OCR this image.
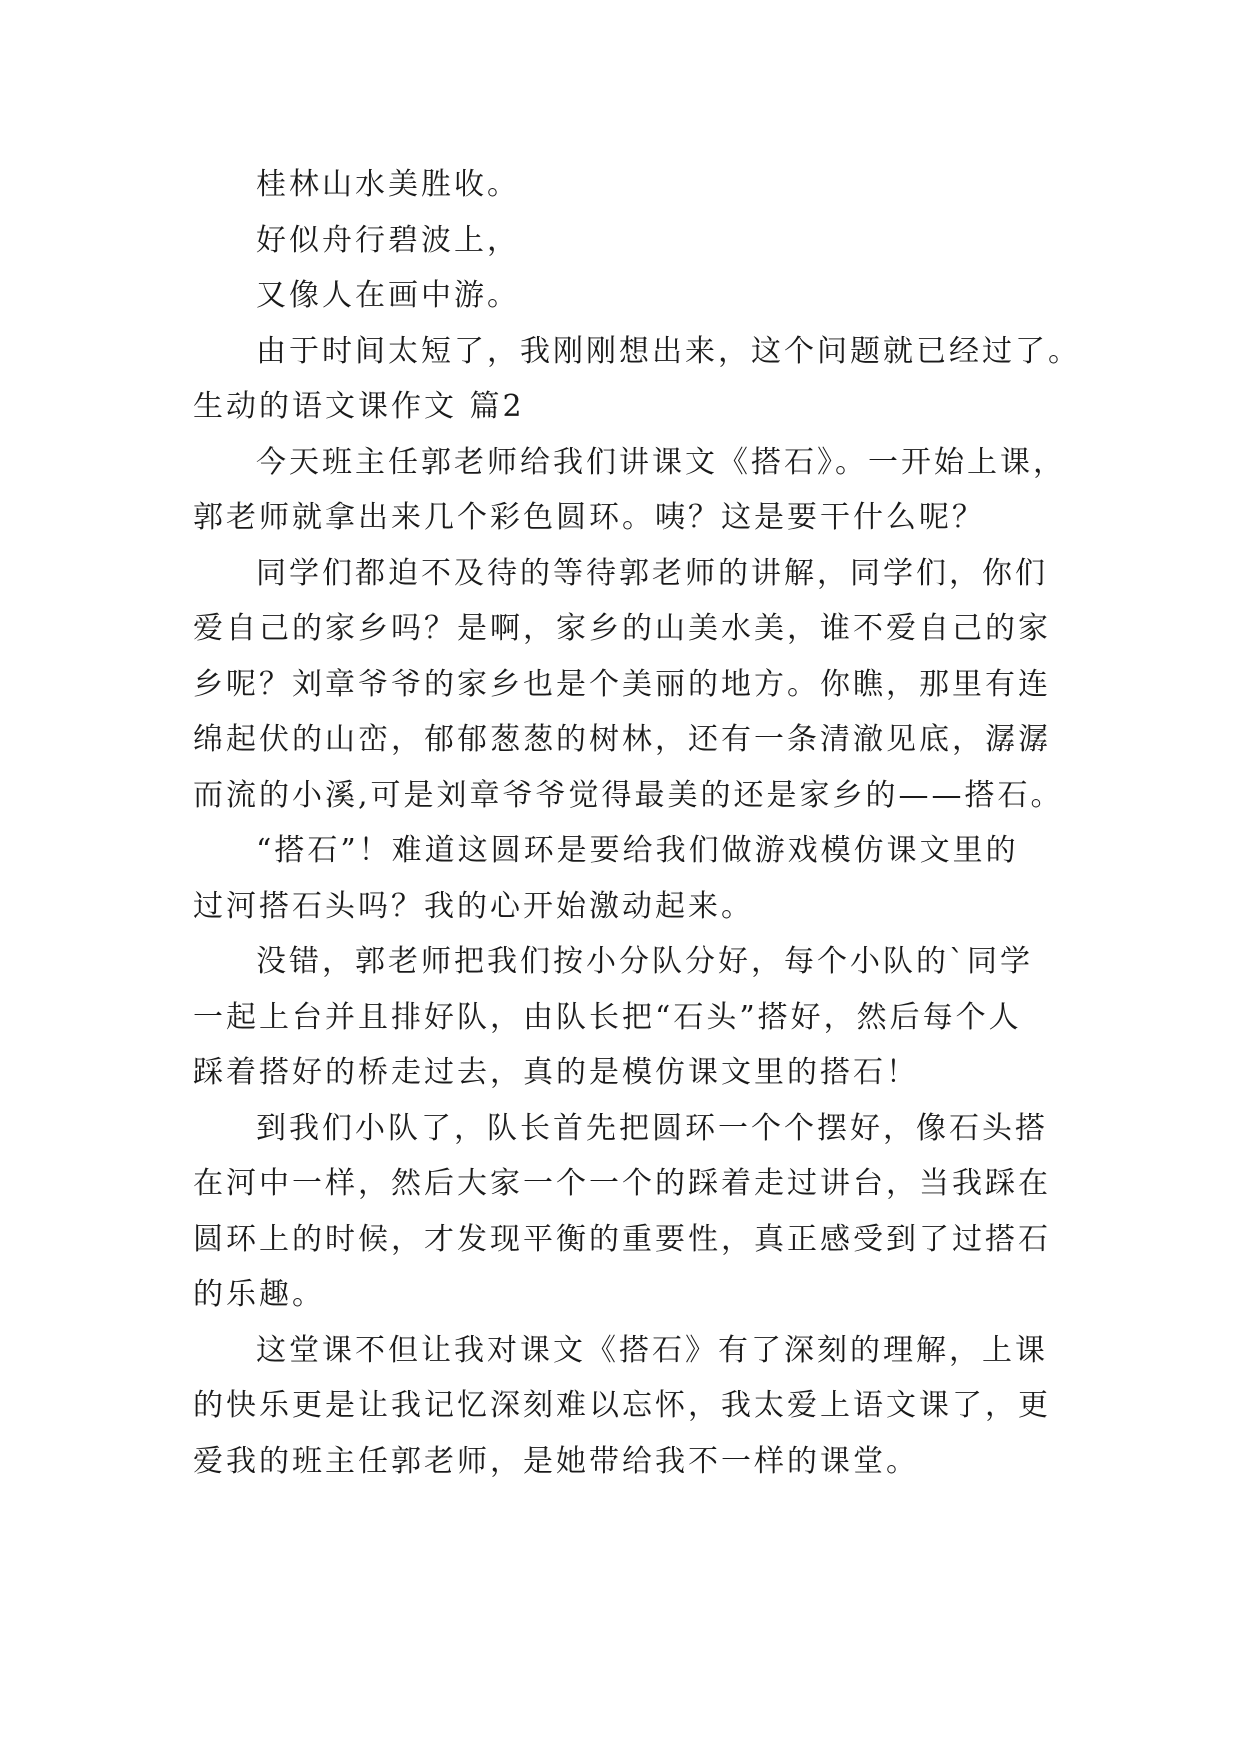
桂林山水美胜收。
好似舟行碧波上，
又像人在画中游。
由于时间太短了，我刚刚想出来，这个问题就已经过了。
生动的语文课作文 篇2
今天班主任郭老师给我们讲课文《搭石》。一开始上课，
郭老师就拿出来几个彩色圆环。咦？这是要干什么呢？
同学们都迫不及待的等待郭老师的讲解，同学们，你们
爱自己的家乡吗？是啊，家乡的山美水美，谁不爱自己的家
乡呢？刘章爷爷的家乡也是个美丽的地方。你瞧，那里有连
绵起伏的山峦，郁郁葱葱的树林，还有一条清澈见底，潺潺
而流的小溪,可是刘章爷爷觉得最美的还是家乡的——搭石。
“搭石”！难道这圆环是要给我们做游戏模仿课文里的
过河搭石头吗？我的心开始激动起来。
没错，郭老师把我们按小分队分好，每个小队的`同学
一起上台并且排好队，由队长把“石头”搭好，然后每个人
踩着搭好的桥走过去，真的是模仿课文里的搭石！
到我们小队了，队长首先把圆环一个个摆好，像石头搭
在河中一样，然后大家一个一个的踩着走过讲台，当我踩在
圆环上的时候，才发现平衡的重要性，真正感受到了过搭石
的乐趣。
这堂课不但让我对课文《搭石》有了深刻的理解，上课
的快乐更是让我记忆深刻难以忘怀，我太爱上语文课了，更
爱我的班主任郭老师，是她带给我不一样的课堂。
